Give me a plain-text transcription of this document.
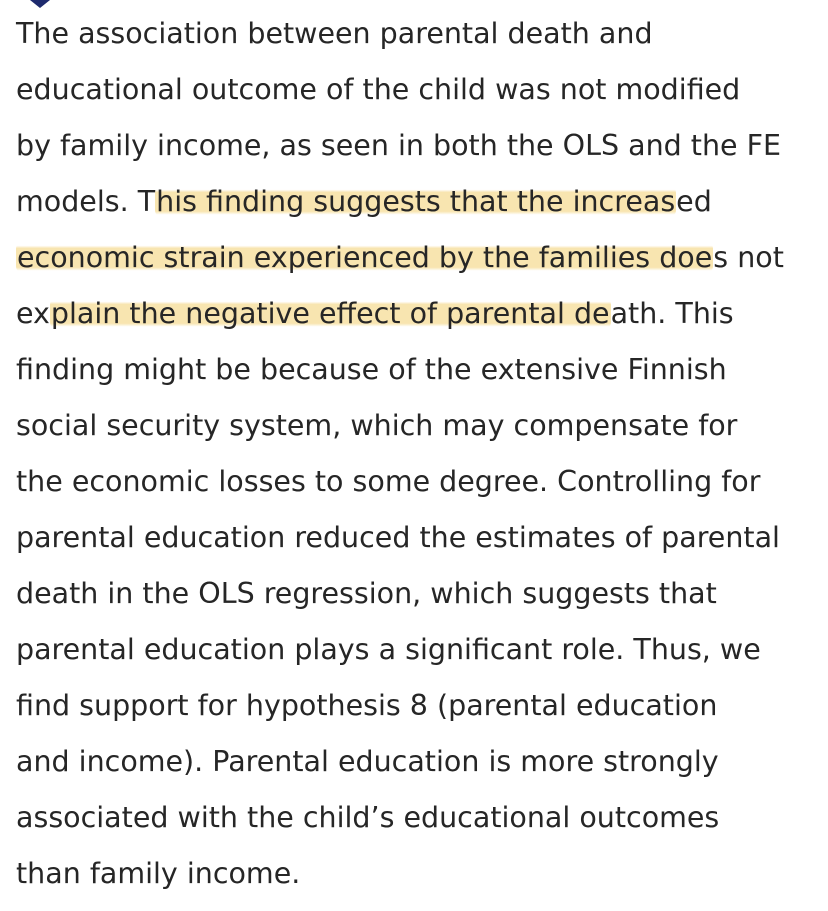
The association between parental death and
educational outcome of the child was not modified
by family income, as seen in both the OLS and the FE
models. This finding suggests that the increased
economic strain experienced by the families does not
explain the negative effect of parental death. This
finding might be because of the extensive Finnish
social security system, which may compensate for
the economic losses to some degree. Controlling for
parental education reduced the estimates of parental
death in the OLS regression, which suggests that
parental education plays a significant role. Thus, we
find support for hypothesis 8 (parental education
and income). Parental education is more strongly
associated with the child’s educational outcomes
than family income.
